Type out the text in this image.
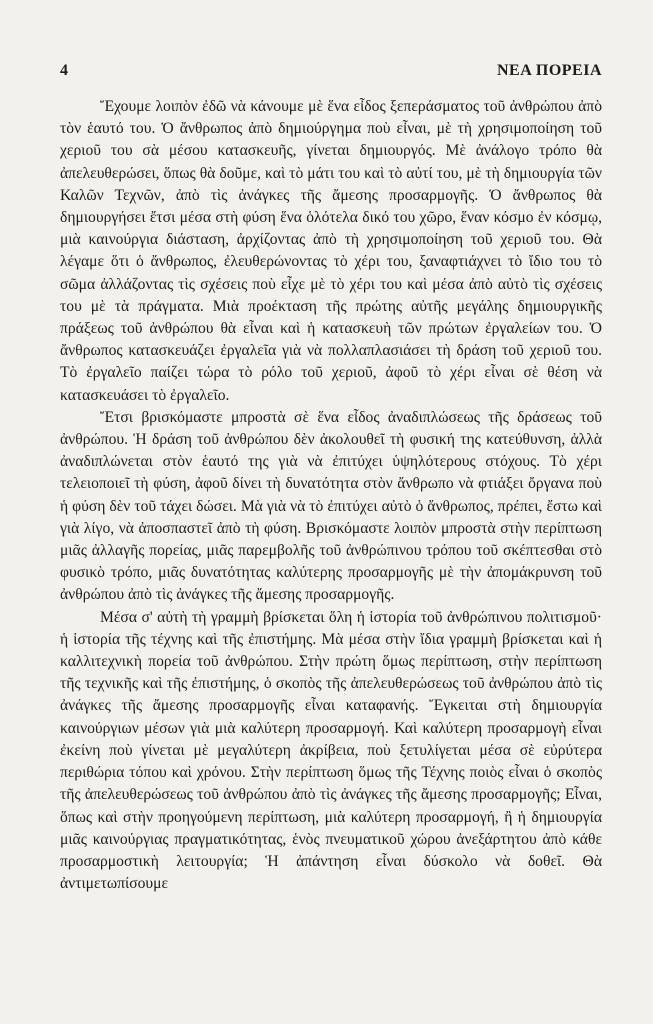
4	ΝΕΑ ΠΟΡΕΙΑ

Ἔχουμε λοιπὸν ἐδῶ νὰ κάνουμε μὲ ἕνα εἶδος ξεπεράσματος τοῦ ἀνθρώπου ἀπὸ τὸν ἑαυτό του. Ὁ ἄνθρωπος ἀπὸ δημιούργημα ποὺ εἶναι, μὲ τὴ χρησιμοποίηση τοῦ χεριοῦ του σὰ μέσου κατασκευῆς, γίνεται δημιουργός. Μὲ ἀνάλογο τρόπο θὰ ἀπελευθερώσει, ὅπως θὰ δοῦμε, καὶ τὸ μάτι του καὶ τὸ αὐτί του, μὲ τὴ δημιουργία τῶν Καλῶν Τεχνῶν, ἀπὸ τὶς ἀνάγκες τῆς ἄμεσης προσαρμογῆς. Ὁ ἄνθρωπος θὰ δημιουργήσει ἔτσι μέσα στὴ φύση ἕνα ὁλότελα δικό του χῶρο, ἕναν κόσμο ἐν κόσμῳ, μιὰ καινούργια διάσταση, ἀρχίζοντας ἀπὸ τὴ χρησιμοποίηση τοῦ χεριοῦ του. Θὰ λέγαμε ὅτι ὁ ἄνθρωπος, ἐλευθερώνοντας τὸ χέρι του, ξαναφτιάχνει τὸ ἴδιο του τὸ σῶμα ἀλλάζοντας τὶς σχέσεις ποὺ εἶχε μὲ τὸ χέρι του καὶ μέσα ἀπὸ αὐτὸ τὶς σχέσεις του μὲ τὰ πράγματα. Μιὰ προέκταση τῆς πρώτης αὐτῆς μεγάλης δημιουργικῆς πράξεως τοῦ ἀνθρώπου θὰ εἶναι καὶ ἡ κατασκευὴ τῶν πρώτων ἐργαλείων του. Ὁ ἄνθρωπος κατασκευάζει ἐργαλεῖα γιὰ νὰ πολλαπλασιάσει τὴ δράση τοῦ χεριοῦ του. Τὸ ἐργαλεῖο παίζει τώρα τὸ ρόλο τοῦ χεριοῦ, ἀφοῦ τὸ χέρι εἶναι σὲ θέση νὰ κατασκευάσει τὸ ἐργαλεῖο.

Ἔτσι βρισκόμαστε μπροστὰ σὲ ἕνα εἶδος ἀναδιπλώσεως τῆς δράσεως τοῦ ἀνθρώπου. Ἡ δράση τοῦ ἀνθρώπου δὲν ἀκολουθεῖ τὴ φυσική της κατεύθυνση, ἀλλὰ ἀναδιπλώνεται στὸν ἑαυτό της γιὰ νὰ ἐπιτύχει ὑψηλότερους στόχους. Τὸ χέρι τελειοποιεῖ τὴ φύση, ἀφοῦ δίνει τὴ δυνατότητα στὸν ἄνθρωπο νὰ φτιάξει ὄργανα ποὺ ἡ φύση δὲν τοῦ τάχει δώσει. Μὰ γιὰ νὰ τὸ ἐπιτύχει αὐτὸ ὁ ἄνθρωπος, πρέπει, ἔστω καὶ γιὰ λίγο, νὰ ἀποσπαστεῖ ἀπὸ τὴ φύση. Βρισκόμαστε λοιπὸν μπροστὰ στὴν περίπτωση μιᾶς ἀλλαγῆς πορείας, μιᾶς παρεμβολῆς τοῦ ἀνθρώπινου τρόπου τοῦ σκέπτεσθαι στὸ φυσικὸ τρόπο, μιᾶς δυνατότητας καλύτερης προσαρμογῆς μὲ τὴν ἀπομάκρυνση τοῦ ἀνθρώπου ἀπὸ τὶς ἀνάγκες τῆς ἄμεσης προσαρμογῆς.

Μέσα σ' αὐτὴ τὴ γραμμὴ βρίσκεται ὅλη ἡ ἱστορία τοῦ ἀνθρώπινου πολιτισμοῦ· ἡ ἱστορία τῆς τέχνης καὶ τῆς ἐπιστήμης. Μὰ μέσα στὴν ἴδια γραμμὴ βρίσκεται καὶ ἡ καλλιτεχνικὴ πορεία τοῦ ἀνθρώπου. Στὴν πρώτη ὅμως περίπτωση, στὴν περίπτωση τῆς τεχνικῆς καὶ τῆς ἐπιστήμης, ὁ σκοπὸς τῆς ἀπελευθερώσεως τοῦ ἀνθρώπου ἀπὸ τὶς ἀνάγκες τῆς ἄμεσης προσαρμογῆς εἶναι καταφανής. Ἔγκειται στὴ δημιουργία καινούργιων μέσων γιὰ μιὰ καλύτερη προσαρμογή. Καὶ καλύτερη προσαρμογὴ εἶναι ἐκείνη ποὺ γίνεται μὲ μεγαλύτερη ἀκρίβεια, ποὺ ξετυλίγεται μέσα σὲ εὐρύτερα περιθώρια τόπου καὶ χρόνου. Στὴν περίπτωση ὅμως τῆς Τέχνης ποιὸς εἶναι ὁ σκοπὸς τῆς ἀπελευθερώσεως τοῦ ἀνθρώπου ἀπὸ τὶς ἀνάγκες τῆς ἄμεσης προσαρμογῆς; Εἶναι, ὅπως καὶ στὴν προηγούμενη περίπτωση, μιὰ καλύτερη προσαρμογή, ἢ ἡ δημιουργία μιᾶς καινούργιας πραγματικότητας, ἑνὸς πνευματικοῦ χώρου ἀνεξάρτητου ἀπὸ κάθε προσαρμοστικὴ λειτουργία; Ἡ ἀπάντηση εἶναι δύσκολο νὰ δοθεῖ. Θὰ ἀντιμετωπίσουμε
